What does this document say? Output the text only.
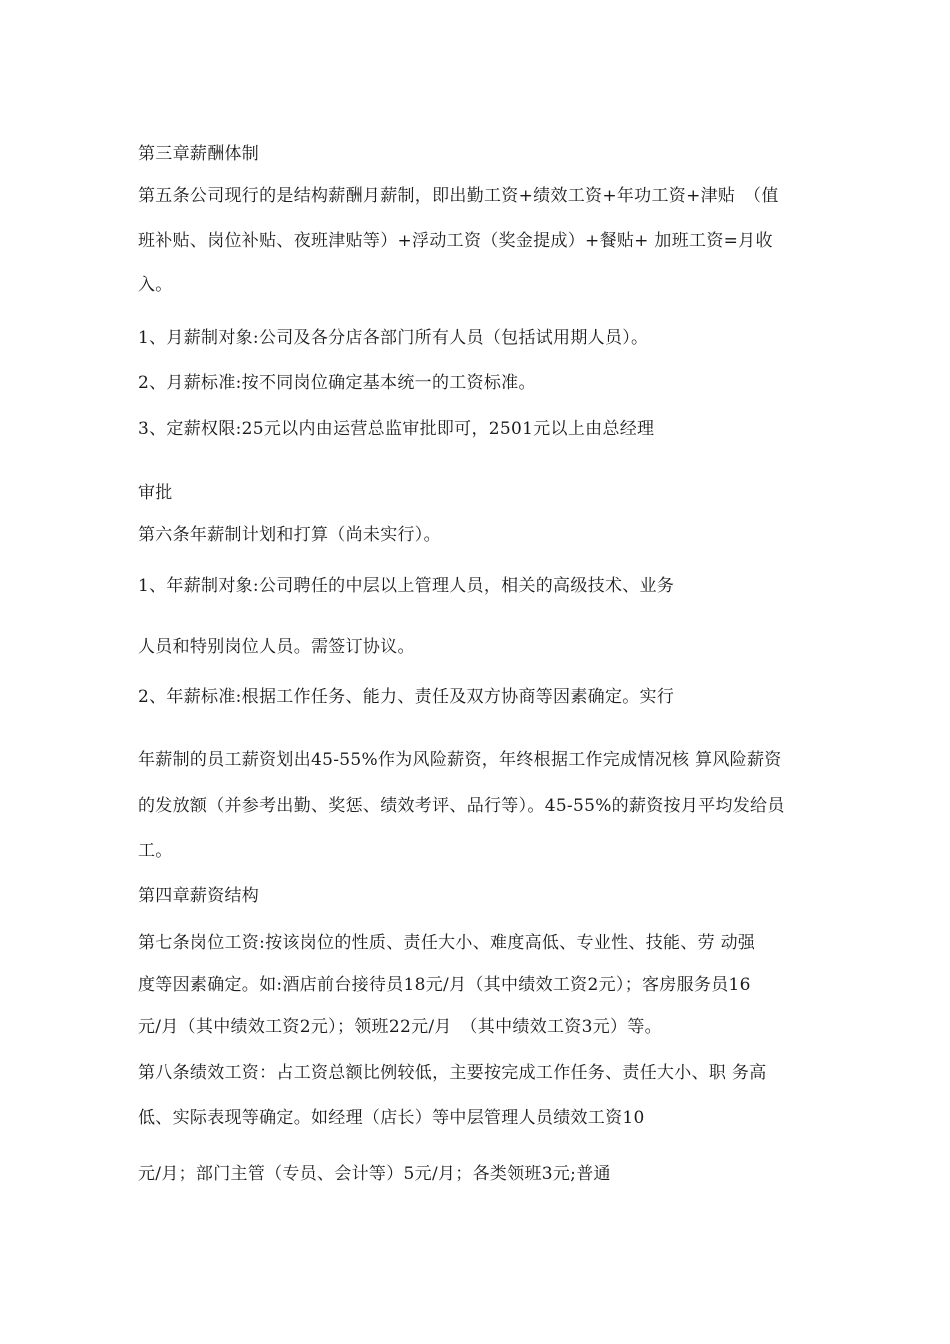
第三章薪酬体制
第五条公司现行的是结构薪酬月薪制，即出勤工资+绩效工资+年功工资+津贴　（值
班补贴、岗位补贴、夜班津贴等）+浮动工资（奖金提成）+餐贴+ 加班工资=月收
入。
1、月薪制对象:公司及各分店各部门所有人员（包括试用期人员）。
2、月薪标准:按不同岗位确定基本统一的工资标准。
3、定薪权限:25元以内由运营总监审批即可，2501元以上由总经理
审批
第六条年薪制计划和打算（尚未实行）。
1、年薪制对象:公司聘任的中层以上管理人员，相关的高级技术、业务
人员和特别岗位人员。需签订协议。
2、年薪标准:根据工作任务、能力、责任及双方协商等因素确定。实行
年薪制的员工薪资划出45-55%作为风险薪资，年终根据工作完成情况核 算风险薪资
的发放额（并参考出勤、奖惩、绩效考评、品行等）。45-55%的薪资按月平均发给员
工。
第四章薪资结构
第七条岗位工资:按该岗位的性质、责任大小、难度高低、专业性、技能、劳 动强
度等因素确定。如:酒店前台接待员18元/月（其中绩效工资2元）；客房服务员16
元/月（其中绩效工资2元）；领班22元/月　（其中绩效工资3元）等。
第八条绩效工资：占工资总额比例较低，主要按完成工作任务、责任大小、职 务高
低、实际表现等确定。如经理（店长）等中层管理人员绩效工资10
元/月；部门主管（专员、会计等）5元/月；各类领班3元;普通
